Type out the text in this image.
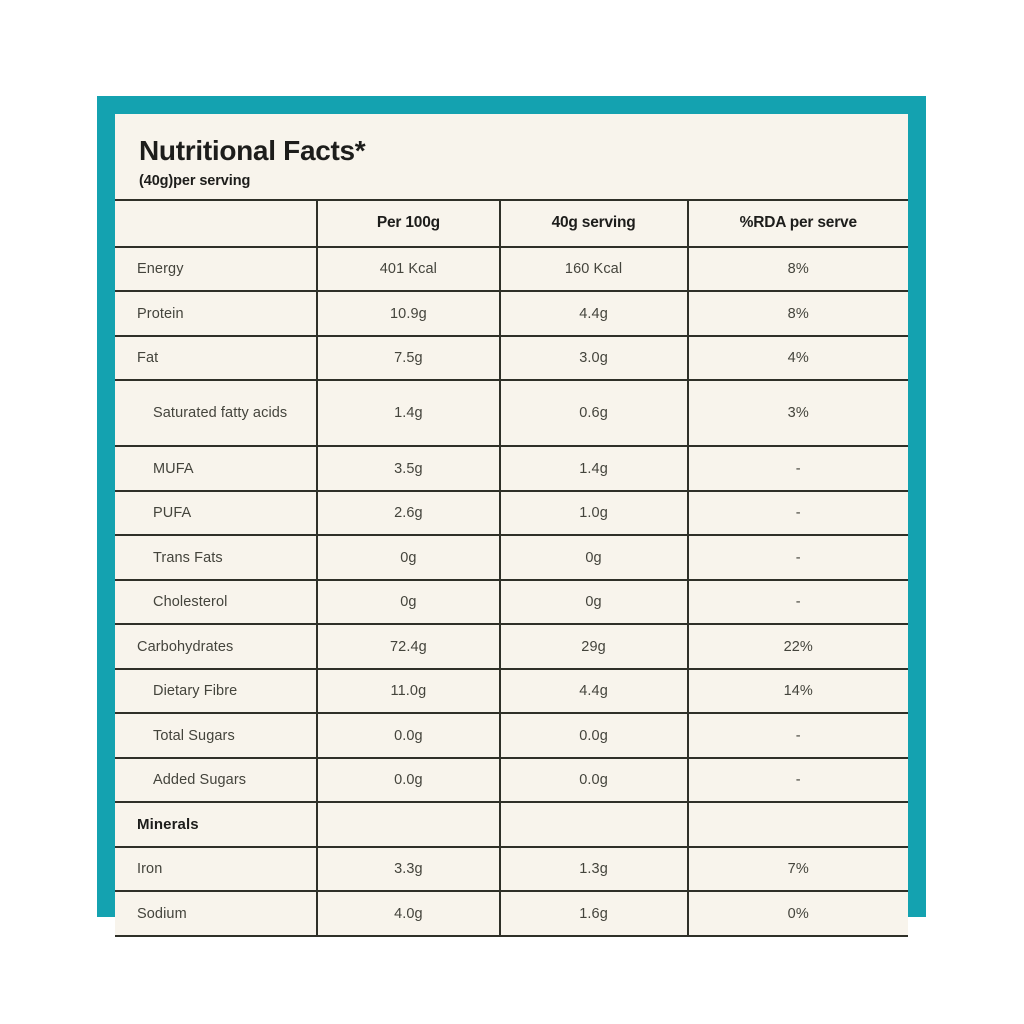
Nutritional Facts*
(40g)per serving
	Per 100g	40g serving	%RDA per serve
Energy	401 Kcal	160 Kcal	8%
Protein	10.9g	4.4g	8%
Fat	7.5g	3.0g	4%
Saturated fatty acids	1.4g	0.6g	3%
MUFA	3.5g	1.4g	-
PUFA	2.6g	1.0g	-
Trans Fats	0g	0g	-
Cholesterol	0g	0g	-
Carbohydrates	72.4g	29g	22%
Dietary Fibre	11.0g	4.4g	14%
Total Sugars	0.0g	0.0g	-
Added Sugars	0.0g	0.0g	-
Minerals			
Iron	3.3g	1.3g	7%
Sodium	4.0g	1.6g	0%
